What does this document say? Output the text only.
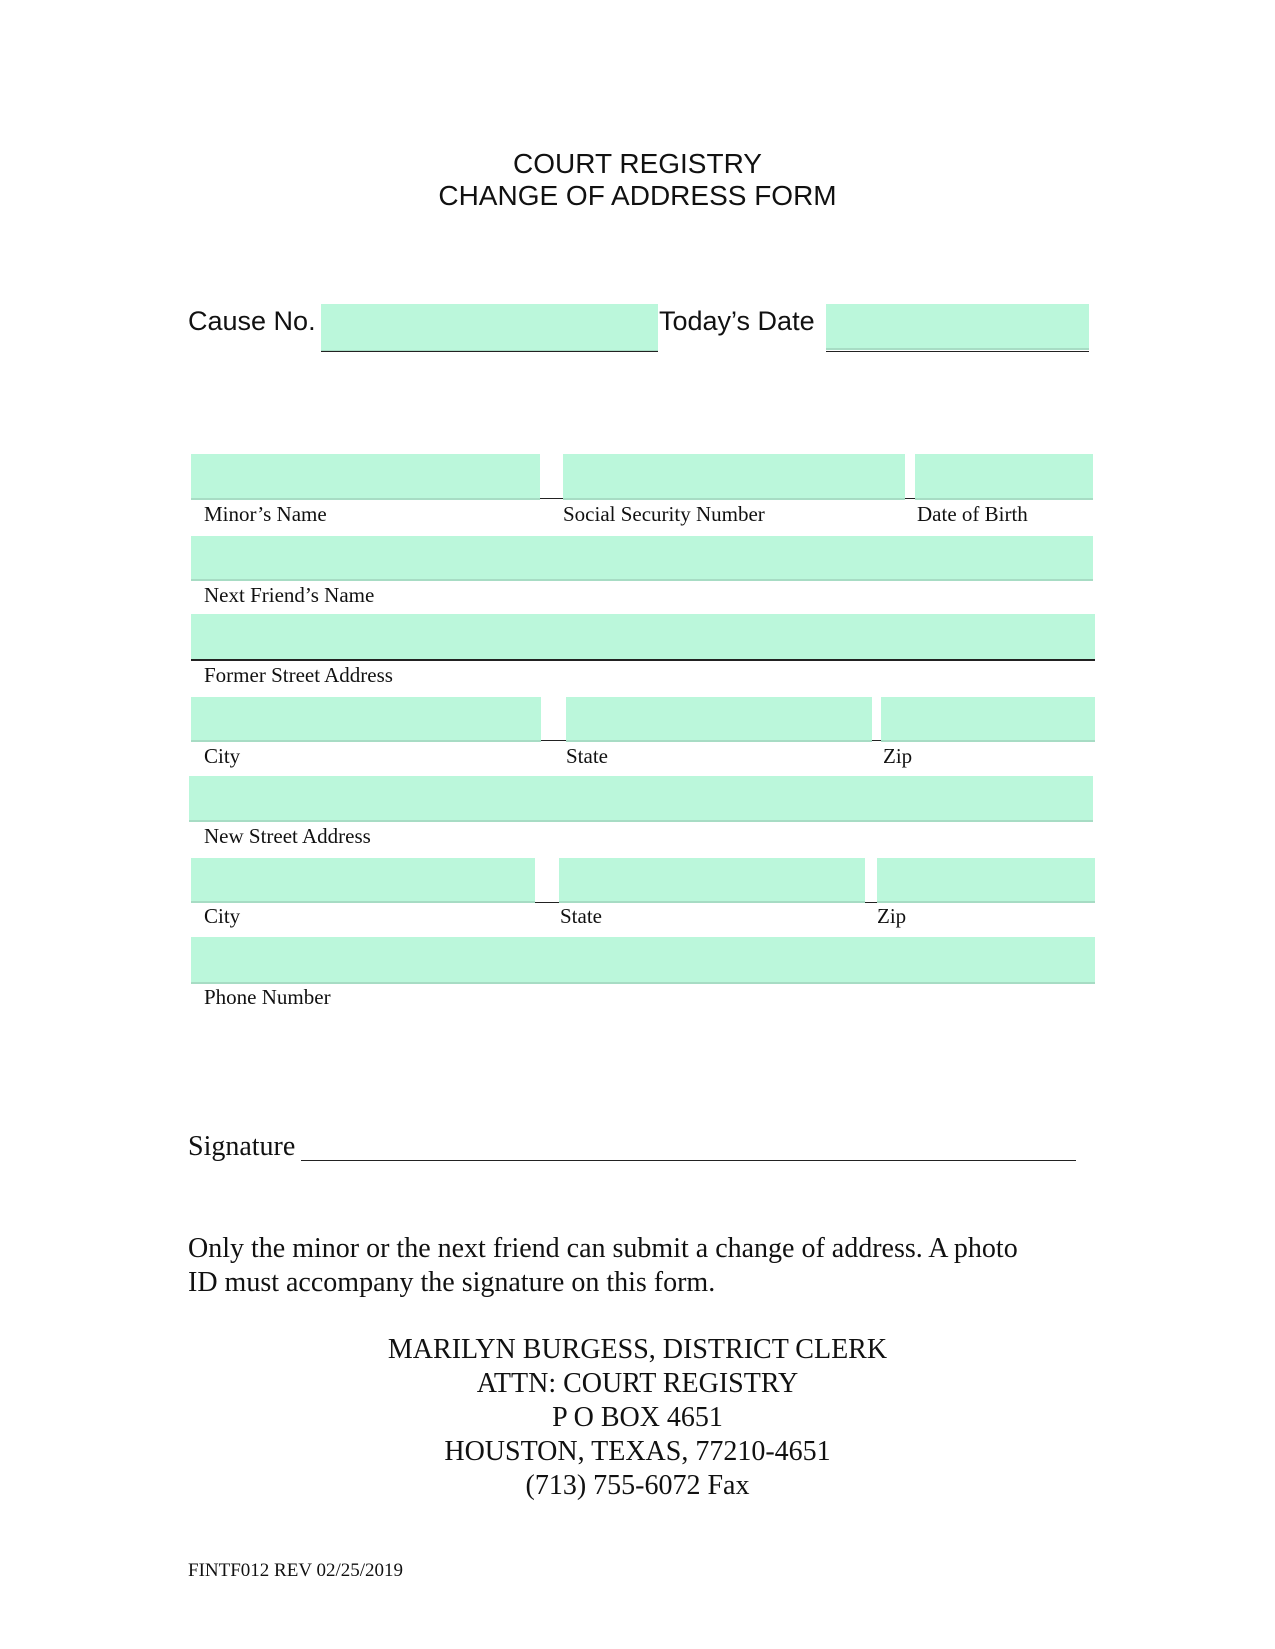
COURT REGISTRY
CHANGE OF ADDRESS FORM
Cause No.	Today’s Date
Minor’s Name	Social Security Number	Date of Birth
Next Friend’s Name
Former Street Address
City	State	Zip
New Street Address
City	State	Zip
Phone Number
Signature
Only the minor or the next friend can submit a change of address. A photo
ID must accompany the signature on this form.
MARILYN BURGESS, DISTRICT CLERK
ATTN: COURT REGISTRY
P O BOX 4651
HOUSTON, TEXAS, 77210-4651
(713) 755-6072 Fax
FINTF012 REV 02/25/2019
